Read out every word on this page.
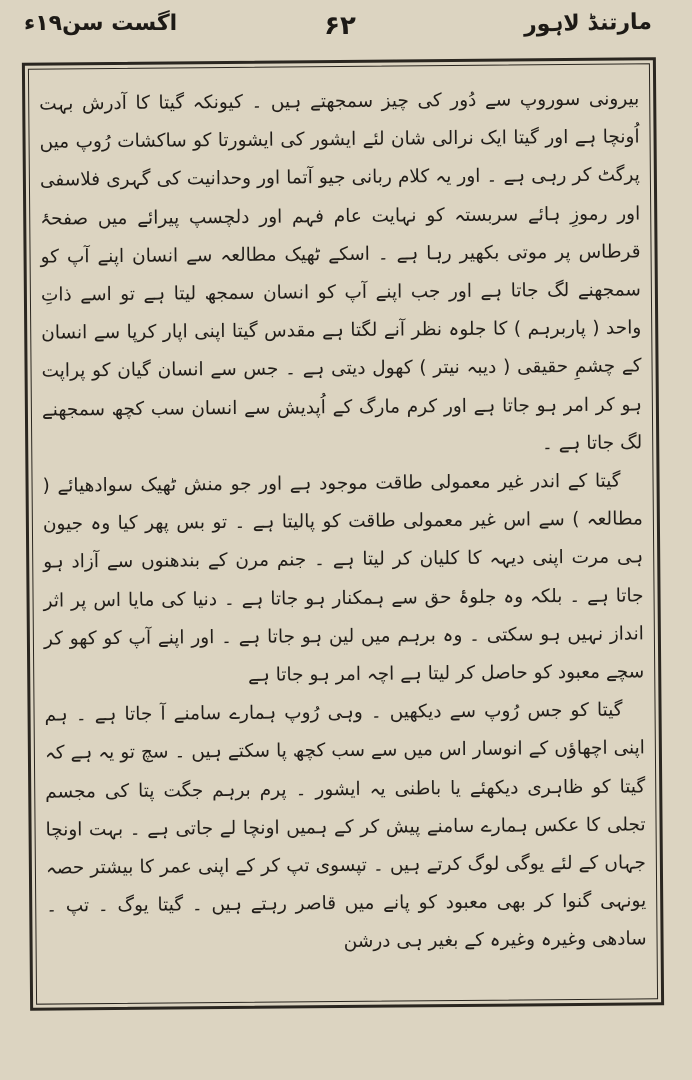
مارتنڈ لاہور
۶۲
اگست سن۱۹ء

بیرونی سوروپ سے دُور کی چیز سمجھتے ہیں ۔ کیونکہ گیتا کا آدرش بہت اُونچا ہے اور گیتا ایک نرالی شان لئے ایشور کی ایشورتا کو ساکشات رُوپ میں پرگٹ کر رہی ہے ۔ اور یہ کلام ربانی جیو آتما اور وحدانیت کی گہری فلاسفی اور رموزِ ہائے سربستہ کو نہایت عام فہم اور دلچسپ پیرائے میں صفحۂ قرطاس پر موتی بکھیر رہا ہے ۔ اسکے ٹھیک مطالعہ سے انسان اپنے آپ کو سمجھنے لگ جاتا ہے اور جب اپنے آپ کو انسان سمجھ لیتا ہے تو اسے ذاتِ واحد ( پاربرہم ) کا جلوہ نظر آنے لگتا ہے مقدس گیتا اپنی اپار کرپا سے انسان کے چشمِ حقیقی ( دیبہ نیتر ) کھول دیتی ہے ۔ جس سے انسان گیان کو پراپت ہو کر امر ہو جاتا ہے اور کرم مارگ کے اُپدیش سے انسان سب کچھ سمجھنے لگ جاتا ہے ۔

گیتا کے اندر غیر معمولی طاقت موجود ہے اور جو منش ٹھیک سوادھیائے ( مطالعہ ) سے اس غیر معمولی طاقت کو پالیتا ہے ۔ تو بس پھر کیا وہ جیون ہی مرت اپنی دیہہ کا کلیان کر لیتا ہے ۔ جنم مرن کے بندھنوں سے آزاد ہو جاتا ہے ۔ بلکہ وہ جلوۂ حق سے ہمکنار ہو جاتا ہے ۔ دنیا کی مایا اس پر اثر انداز نہیں ہو سکتی ۔ وہ برہم میں لین ہو جاتا ہے ۔ اور اپنے آپ کو کھو کر سچے معبود کو حاصل کر لیتا ہے اچہ امر ہو جاتا ہے

گیتا کو جس رُوپ سے دیکھیں ۔ وہی رُوپ ہمارے سامنے آ جاتا ہے ۔ ہم اپنی اچھاؤں کے انوسار اس میں سے سب کچھ پا سکتے ہیں ۔ سچ تو یہ ہے کہ گیتا کو ظاہری دیکھئے یا باطنی یہ ایشور ۔ پرم برہم جگت پتا کی مجسم تجلی کا عکس ہمارے سامنے پیش کر کے ہمیں اونچا لے جاتی ہے ۔ بہت اونچا جہاں کے لئے یوگی لوگ کرتے ہیں ۔ تپسوی تپ کر کے اپنی عمر کا بیشتر حصہ یونہی گنوا کر بھی معبود کو پانے میں قاصر رہتے ہیں ۔ گیتا یوگ ۔ تپ ۔ سادھی وغیرہ وغیرہ کے بغیر ہی درشن
